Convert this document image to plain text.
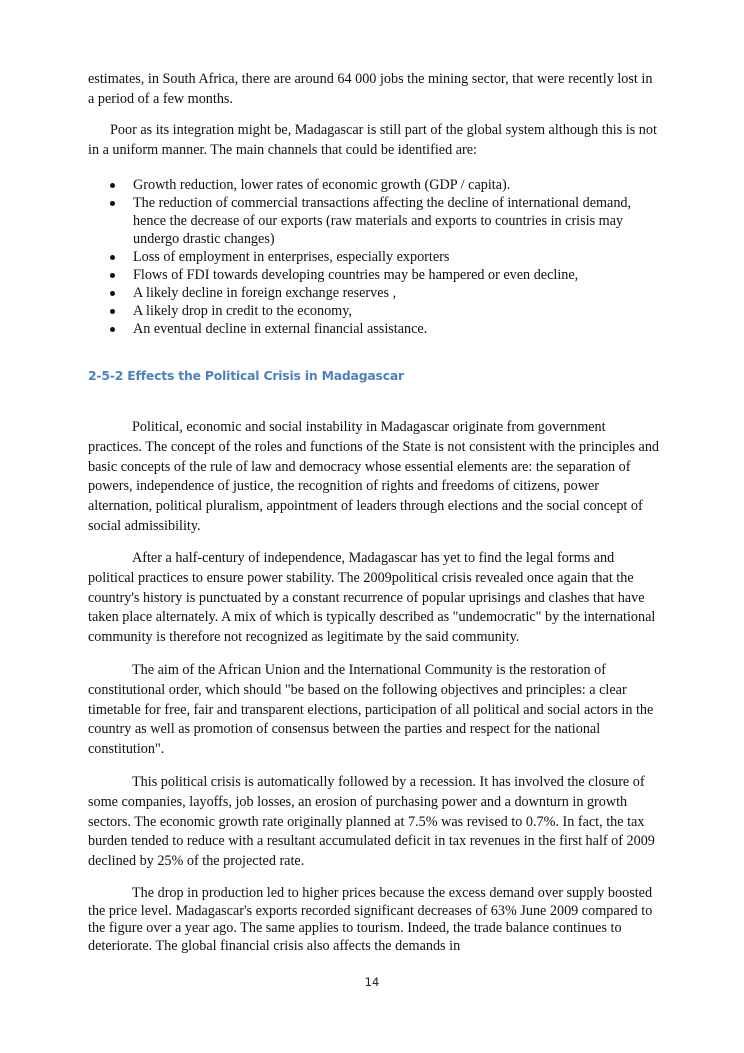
estimates, in South Africa, there are around 64 000 jobs the mining sector, that were recently lost in a period of a few months.

Poor as its integration might be, Madagascar is still part of the global system although this is not in a uniform manner. The main channels that could be identified are:

Growth reduction, lower rates of economic growth (GDP / capita).
The reduction of commercial transactions affecting the decline of international demand, hence the decrease of our exports (raw materials and exports to countries in crisis may undergo drastic changes)
Loss of employment in enterprises, especially exporters
Flows of FDI towards developing countries may be hampered or even decline,
A likely decline in foreign exchange reserves ,
A likely drop in credit to the economy,
An eventual decline in external financial assistance.
2-5-2 Effects the Political Crisis in Madagascar

Political, economic and social instability in Madagascar originate from government practices. The concept of the roles and functions of the State is not consistent with the principles and basic concepts of the rule of law and democracy whose essential elements are: the separation of powers, independence of justice, the recognition of rights and freedoms of citizens, power alternation, political pluralism, appointment of leaders through elections and the social concept of social admissibility.

After a half-century of independence, Madagascar has yet to find the legal forms and political practices to ensure power stability. The 2009political crisis revealed once again that the country's history is punctuated by a constant recurrence of popular uprisings and clashes that have taken place alternately. A mix of which is typically described as "undemocratic" by the international community is therefore not recognized as legitimate by the said community.

The aim of the African Union and the International Community is the restoration of constitutional order, which should "be based on the following objectives and principles: a clear timetable for free, fair and transparent elections, participation of all political and social actors in the country as well as promotion of consensus between the parties and respect for the national constitution".

This political crisis is automatically followed by a recession. It has involved the closure of some companies, layoffs, job losses, an erosion of purchasing power and a downturn in growth sectors. The economic growth rate originally planned at 7.5% was revised to 0.7%. In fact, the tax burden tended to reduce with a resultant accumulated deficit in tax revenues in the first half of 2009 declined by 25% of the projected rate.

The drop in production led to higher prices because the excess demand over supply boosted the price level. Madagascar's exports recorded significant decreases of 63% June 2009 compared to the figure over a year ago. The same applies to tourism. Indeed, the trade balance continues to deteriorate. The global financial crisis also affects the demands in

14
